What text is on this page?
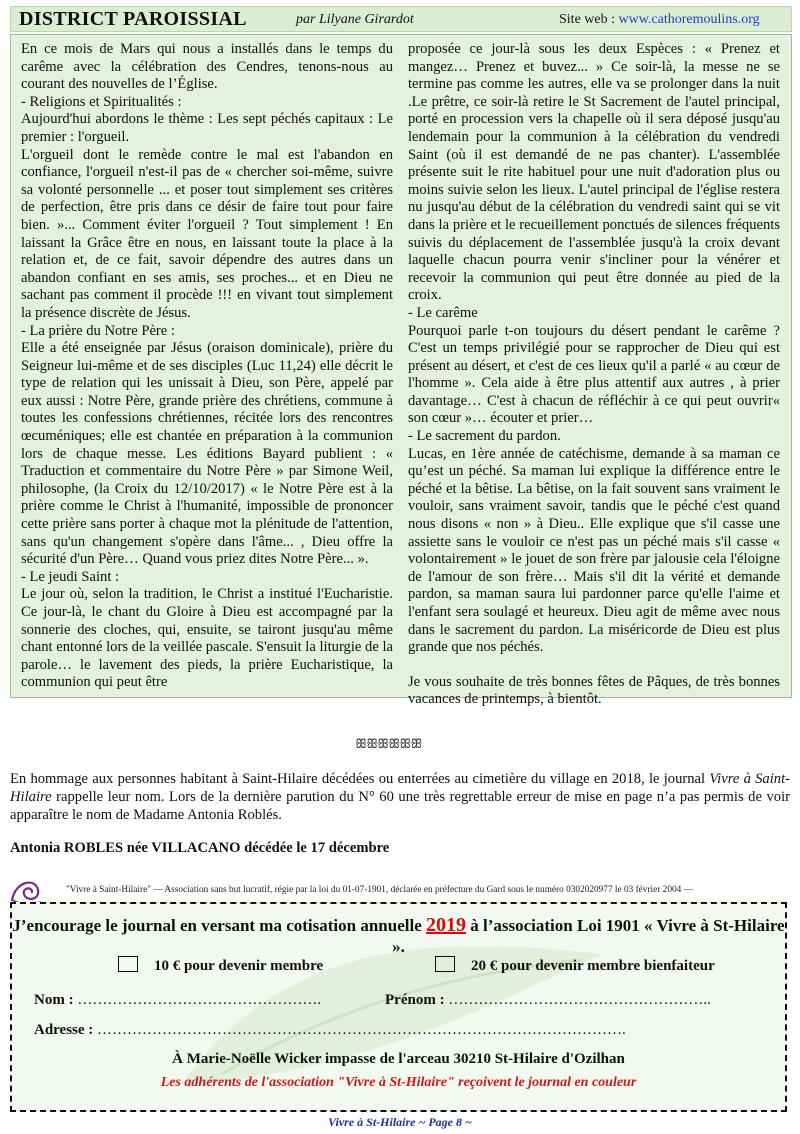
DISTRICT PAROISSIAL	par Lilyane Girardot	Site web : www.cathoremoulins.org

En ce mois de Mars qui nous a installés dans le temps du carême avec la célébration des Cendres, tenons-nous au courant des nouvelles de l’Église.

- Religions et Spiritualités :

Aujourd'hui abordons le thème : Les sept péchés capitaux : Le premier : l'orgueil.

L'orgueil dont le remède contre le mal est l'abandon en confiance, l'orgueil n'est-il pas de « chercher soi-même, suivre sa volonté personnelle ... et poser tout simplement ses critères de perfection, être pris dans ce désir de faire tout pour faire bien. »... Comment éviter l'orgueil ? Tout simplement ! En laissant la Grâce être en nous, en laissant toute la place à la relation et, de ce fait, savoir dépendre des autres dans un abandon confiant en ses amis, ses proches... et en Dieu ne sachant pas comment il procède !!! en vivant tout simplement la présence discrète de Jésus.

- La prière du Notre Père :

Elle a été enseignée par Jésus (oraison dominicale), prière du Seigneur lui-même et de ses disciples (Luc 11,24) elle décrit le type de relation qui les unissait à Dieu, son Père, appelé par eux aussi : Notre Père, grande prière des chrétiens, commune à toutes les confessions chrétiennes, récitée lors des rencontres œcuméniques; elle est chantée en préparation à la communion lors de chaque messe. Les éditions Bayard publient : « Traduction et commentaire du Notre Père » par Simone Weil, philosophe, (la Croix du 12/10/2017) « le Notre Père est à la prière comme le Christ à l'humanité, impossible de prononcer cette prière sans porter à chaque mot la plénitude de l'attention, sans qu'un changement s'opère dans l'âme... , Dieu offre la sécurité d'un Père… Quand vous priez dites Notre Père... ».

- Le jeudi Saint :

Le jour où, selon la tradition, le Christ a institué l'Eucharistie. Ce jour-là, le chant du Gloire à Dieu est accompagné par la sonnerie des cloches, qui, ensuite, se tairont jusqu'au même chant entonné lors de la veillée pascale. S'ensuit la liturgie de la parole… le lavement des pieds, la prière Eucharistique, la communion qui peut être

proposée ce jour-là sous les deux Espèces : « Prenez et mangez… Prenez et buvez... » Ce soir-là, la messe ne se termine pas comme les autres, elle va se prolonger dans la nuit .Le prêtre, ce soir-là retire le St Sacrement de l'autel principal, porté en procession vers la chapelle où il sera déposé jusqu'au lendemain pour la communion à la célébration du vendredi Saint (où il est demandé de ne pas chanter). L'assemblée présente suit le rite habituel pour une nuit d'adoration plus ou moins suivie selon les lieux. L'autel principal de l'église restera nu jusqu'au début de la célébration du vendredi saint qui se vit dans la prière et le recueillement ponctués de silences fréquents suivis du déplacement de l'assemblée jusqu'à la croix devant laquelle chacun pourra venir s'incliner pour la vénérer et recevoir la communion qui peut être donnée au pied de la croix.

- Le carême

Pourquoi parle t-on toujours du désert pendant le carême ? C'est un temps privilégié pour se rapprocher de Dieu qui est présent au désert, et c'est de ces lieux qu'il a parlé « au cœur de l'homme ». Cela aide à être plus attentif aux autres , à prier davantage… C'est à chacun de réfléchir à ce qui peut ouvrir« son cœur »… écouter et prier…

- Le sacrement du pardon.

Lucas, en 1ère année de catéchisme, demande à sa maman ce qu’est un péché. Sa maman lui explique la différence entre le péché et la bêtise. La bêtise, on la fait souvent sans vraiment le vouloir, sans vraiment savoir, tandis que le péché c'est quand nous disons « non » à Dieu.. Elle explique que s'il casse une assiette sans le vouloir ce n'est pas un péché mais s'il casse « volontairement » le jouet de son frère par jalousie cela l'éloigne de l'amour de son frère… Mais s'il dit la vérité et demande pardon, sa maman saura lui pardonner parce qu'elle l'aime et l'enfant sera soulagé et heureux. Dieu agit de même avec nous dans le sacrement du pardon. La miséricorde de Dieu est plus grande que nos péchés.

Je vous souhaite de très bonnes fêtes de Pâques, de très bonnes vacances de printemps, à bientôt.

ꕥꕥꕥꕥꕥꕥ

En hommage aux personnes habitant à Saint-Hilaire décédées ou enterrées au cimetière du village en 2018, le journal Vivre à Saint-Hilaire rappelle leur nom. Lors de la dernière parution du N° 60 une très regrettable erreur de mise en page n’a pas permis de voir apparaître le nom de Madame Antonia Roblés.

Antonia ROBLES née VILLACANO décédée le 17 décembre
"Vivre à Saint-Hilaire" — Association sans but lucratif, régie par la loi du 01-07-1901, déclarée en préfecture du Gard sous le numéro 0302020977 le 03 février 2004 —
J’encourage le journal en versant ma cotisation annuelle 2019 à l’association Loi 1901 « Vivre à St-Hilaire ».
10 € pour devenir membre	20 € pour devenir membre bienfaiteur
Nom : ………………………………………….	Prénom : ……………………………………………..
Adresse : …………………………………………………………………………………………….
À Marie-Noëlle Wicker impasse de l'arceau 30210 St-Hilaire d'Ozilhan
Les adhérents de l'association "Vivre à St-Hilaire" reçoivent le journal en couleur
Vivre à St-Hilaire ~ Page 8 ~
